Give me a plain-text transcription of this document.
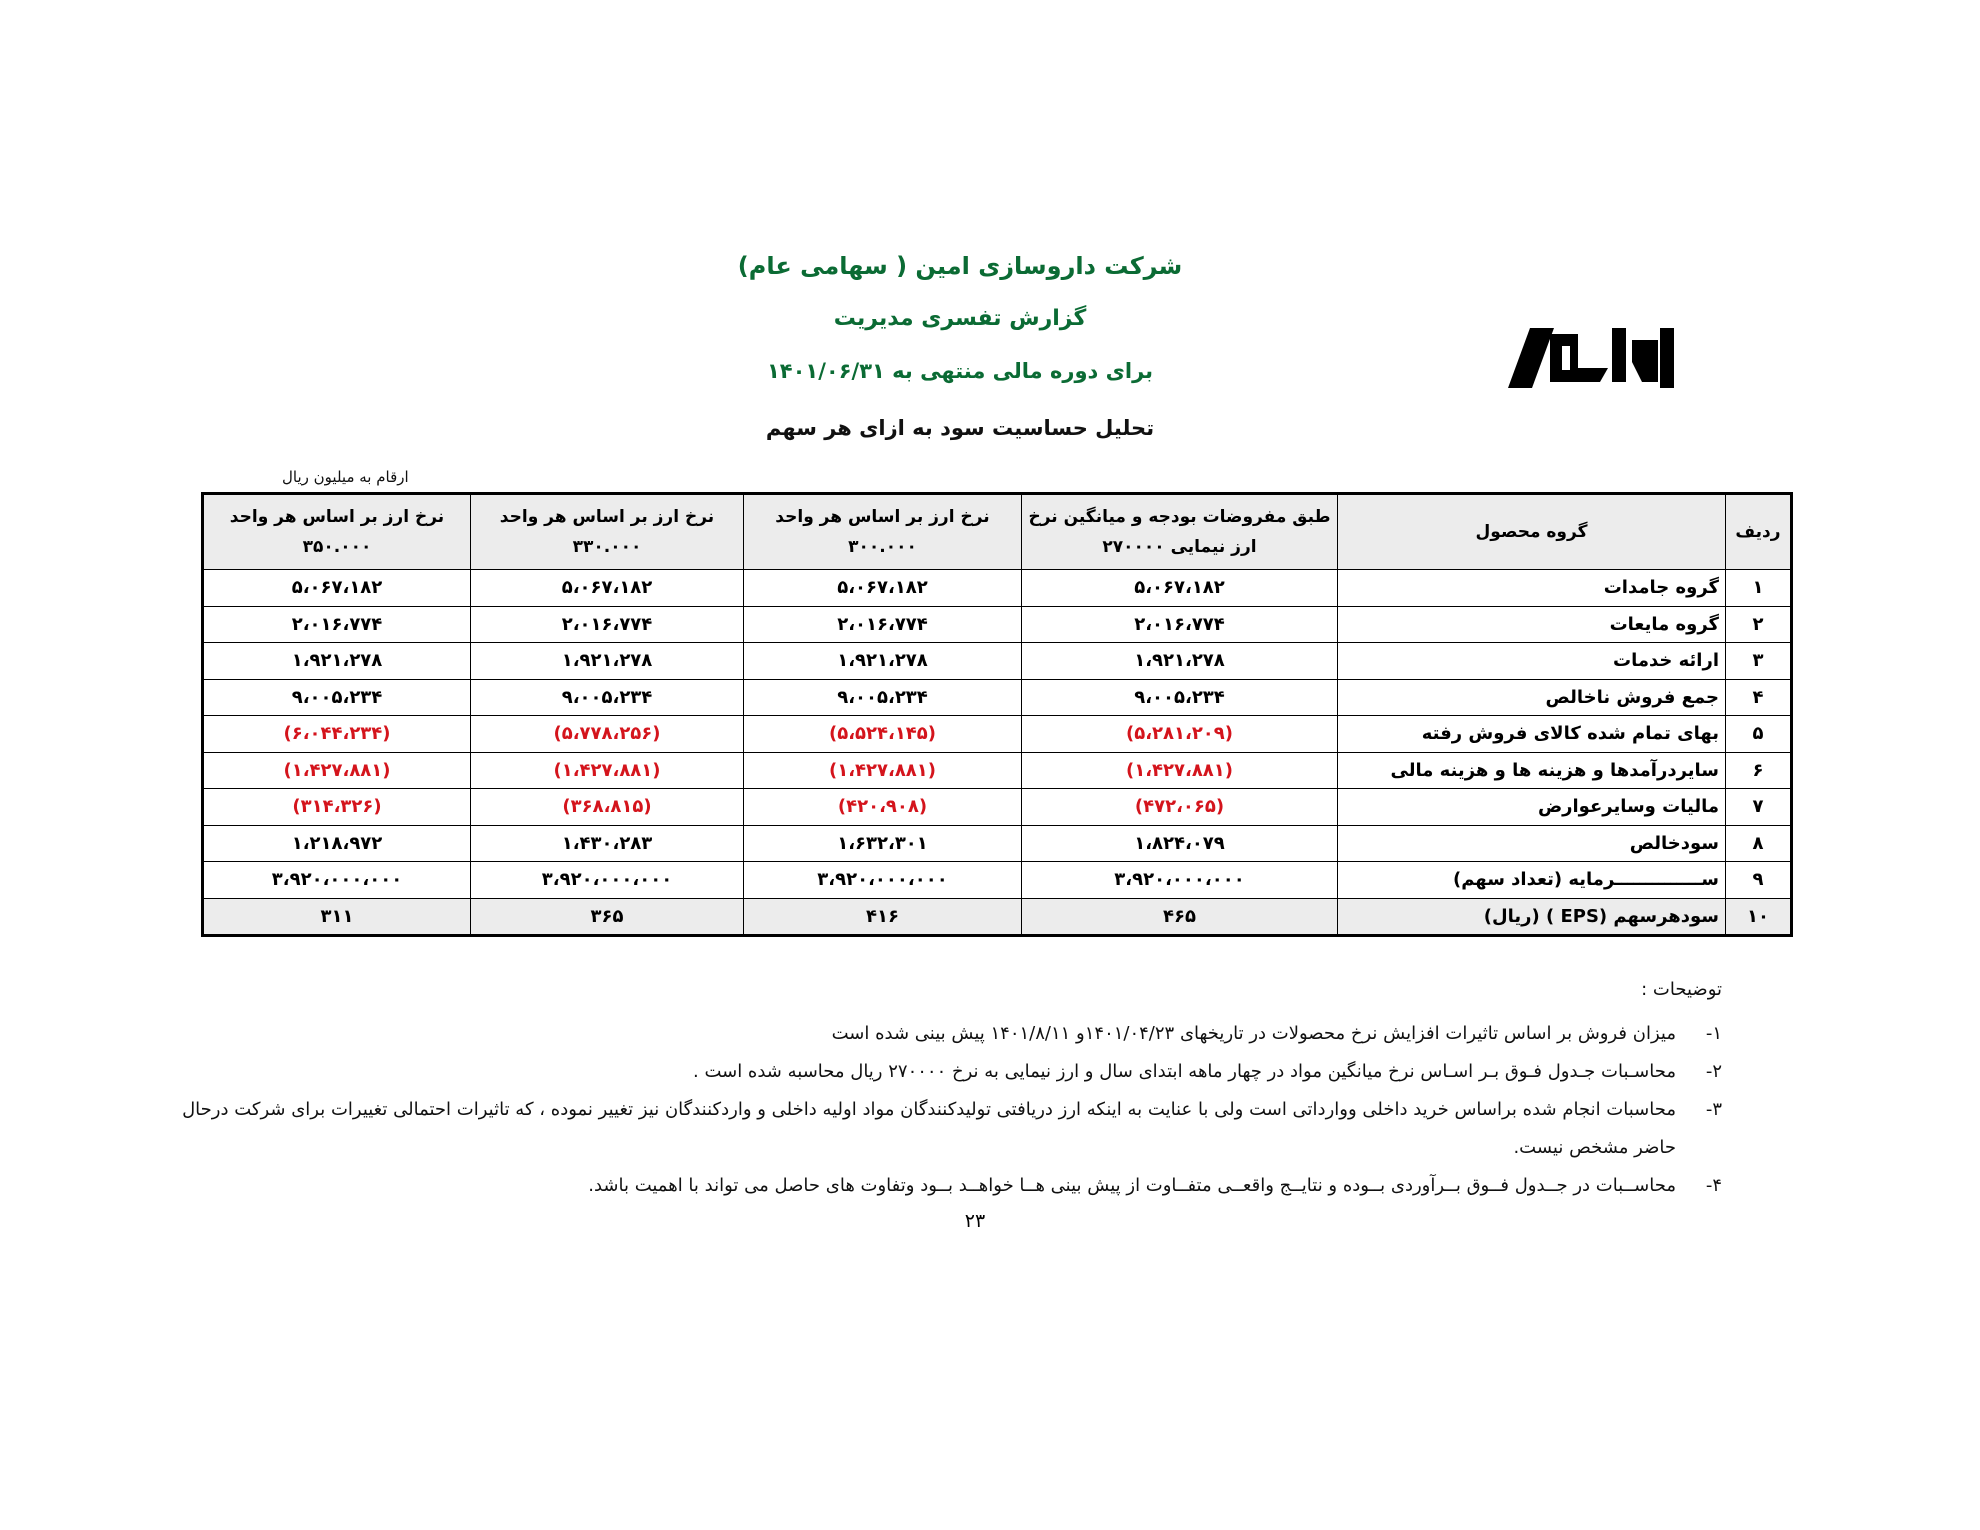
شرکت داروسازی امین ( سهامی عام)
گزارش تفسری مدیریت
برای دوره مالی منتهی به ۱۴۰۱/۰۶/۳۱
تحلیل حساسیت سود به ازای هر سهم
ارقام به میلیون ریال
ردیف	گروه محصول	طبق مفروضات بودجه و میانگین نرخ ارز نیمایی ۲۷۰۰۰۰	نرخ ارز بر اساس هر واحد ۳۰۰.۰۰۰	نرخ ارز بر اساس هر واحد ۳۳۰.۰۰۰	نرخ ارز بر اساس هر واحد ۳۵۰.۰۰۰
۱	گروه جامدات	۵،۰۶۷،۱۸۲	۵،۰۶۷،۱۸۲	۵،۰۶۷،۱۸۲	۵،۰۶۷،۱۸۲
۲	گروه مایعات	۲،۰۱۶،۷۷۴	۲،۰۱۶،۷۷۴	۲،۰۱۶،۷۷۴	۲،۰۱۶،۷۷۴
۳	ارائه خدمات	۱،۹۲۱،۲۷۸	۱،۹۲۱،۲۷۸	۱،۹۲۱،۲۷۸	۱،۹۲۱،۲۷۸
۴	جمع فروش ناخالص	۹،۰۰۵،۲۳۴	۹،۰۰۵،۲۳۴	۹،۰۰۵،۲۳۴	۹،۰۰۵،۲۳۴
۵	بهای تمام شده کالای فروش رفته	(۵،۲۸۱،۲۰۹)	(۵،۵۲۴،۱۴۵)	(۵،۷۷۸،۲۵۶)	(۶،۰۴۴،۲۳۴)
۶	سایردرآمدها و هزینه ها و هزینه مالی	(۱،۴۲۷،۸۸۱)	(۱،۴۲۷،۸۸۱)	(۱،۴۲۷،۸۸۱)	(۱،۴۲۷،۸۸۱)
۷	مالیات وسایرعوارض	(۴۷۲،۰۶۵)	(۴۲۰،۹۰۸)	(۳۶۸،۸۱۵)	(۳۱۴،۳۲۶)
۸	سودخالص	۱،۸۲۴،۰۷۹	۱،۶۳۲،۳۰۱	۱،۴۳۰،۲۸۳	۱،۲۱۸،۹۷۲
۹	ســــــــــــــرمایه (تعداد سهم)	۳،۹۲۰،۰۰۰،۰۰۰	۳،۹۲۰،۰۰۰،۰۰۰	۳،۹۲۰،۰۰۰،۰۰۰	۳،۹۲۰،۰۰۰،۰۰۰
۱۰	سودهرسهم (EPS ) (ریال)	۴۶۵	۴۱۶	۳۶۵	۳۱۱
توضیحات :
۱-
میزان فروش بر اساس تاثیرات افزایش نرخ محصولات در تاریخهای ۱۴۰۱/۰۴/۲۳و ۱۴۰۱/۸/۱۱ پیش بینی شده است
۲-
محاسـبات جـدول فـوق بـر اسـاس نرخ میانگین مواد در چهار ماهه ابتدای سال و ارز نیمایی به نرخ ۲۷۰۰۰۰ ریال محاسبه شده است .
۳-
محاسبات انجام شده براساس خرید داخلی ووارداتی است ولی با عنایت به اینکه ارز دریافتی تولیدکنندگان مواد اولیه داخلی و واردکنندگان نیز تغییر نموده ، که تاثیرات احتمالی تغییرات برای شرکت درحال حاضر مشخص نیست.
۴-
محاســبات در جــدول فــوق بــرآوردی بــوده و نتایــج واقعــی متفــاوت از پیش بینی هــا خواهــد بــود وتفاوت های حاصل می تواند با اهمیت باشد.
۲۳
